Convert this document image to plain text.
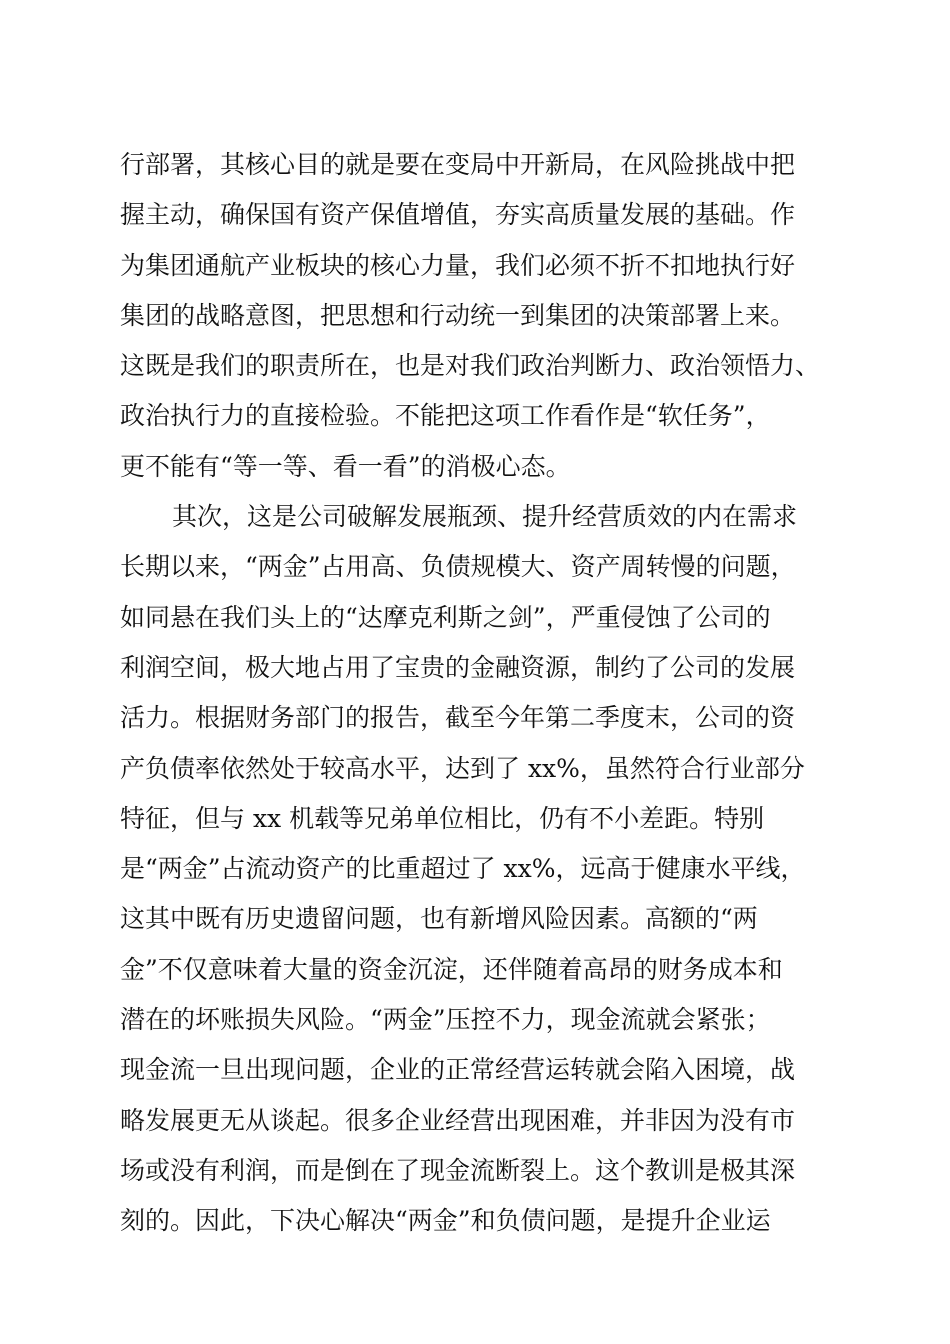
行部署，其核心目的就是要在变局中开新局，在风险挑战中把
握主动，确保国有资产保值增值，夯实高质量发展的基础。作
为集团通航产业板块的核心力量，我们必须不折不扣地执行好
集团的战略意图，把思想和行动统一到集团的决策部署上来。
这既是我们的职责所在，也是对我们政治判断力、政治领悟力、
政治执行力的直接检验。不能把这项工作看作是“软任务”，
更不能有“等一等、看一看”的消极心态。
其次，这是公司破解发展瓶颈、提升经营质效的内在需求
长期以来，“两金”占用高、负债规模大、资产周转慢的问题，
如同悬在我们头上的“达摩克利斯之剑”，严重侵蚀了公司的
利润空间，极大地占用了宝贵的金融资源，制约了公司的发展
活力。根据财务部门的报告，截至今年第二季度末，公司的资
产负债率依然处于较高水平，达到了 xx%，虽然符合行业部分
特征，但与 xx 机载等兄弟单位相比，仍有不小差距。特别
是“两金”占流动资产的比重超过了 xx%，远高于健康水平线，
这其中既有历史遗留问题，也有新增风险因素。高额的“两
金”不仅意味着大量的资金沉淀，还伴随着高昂的财务成本和
潜在的坏账损失风险。“两金”压控不力，现金流就会紧张；
现金流一旦出现问题，企业的正常经营运转就会陷入困境，战
略发展更无从谈起。很多企业经营出现困难，并非因为没有市
场或没有利润，而是倒在了现金流断裂上。这个教训是极其深
刻的。因此，下决心解决“两金”和负债问题，是提升企业运
